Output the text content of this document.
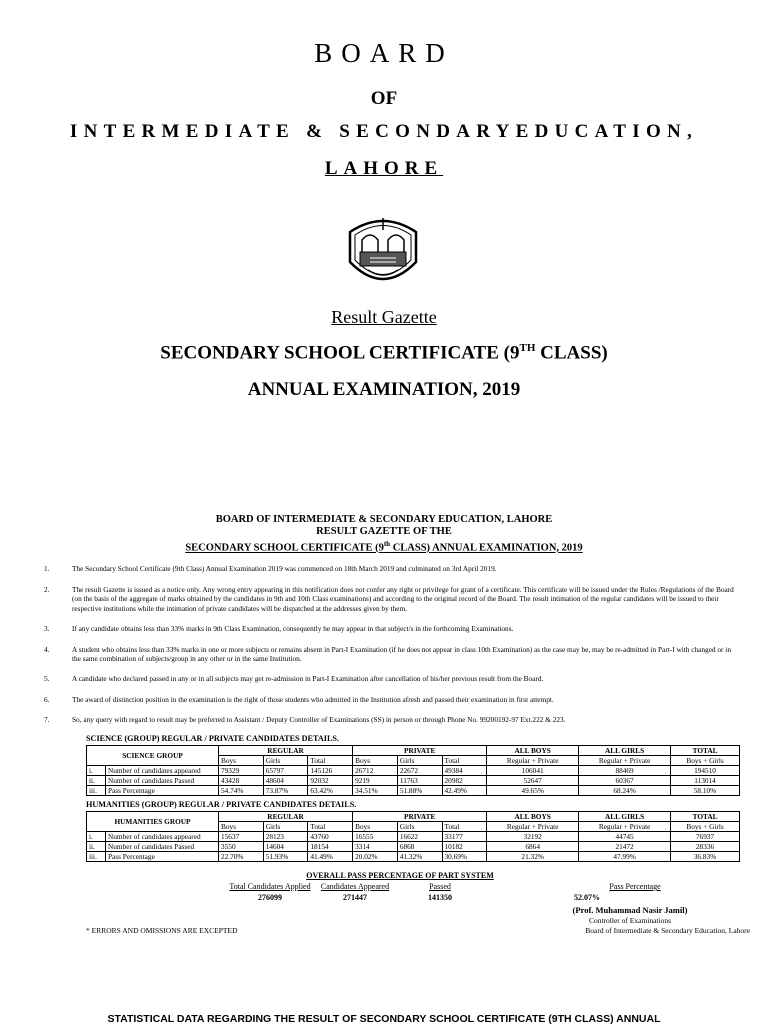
BOARD
OF
INTERMEDIATE & SECONDARYEDUCATION,
LAHORE
Result Gazette
SECONDARY SCHOOL CERTIFICATE (9TH CLASS)
ANNUAL EXAMINATION, 2019
BOARD OF INTERMEDIATE & SECONDARY EDUCATION, LAHORE
RESULT GAZETTE OF THE
SECONDARY SCHOOL CERTIFICATE (9th CLASS) ANNUAL EXAMINATION, 2019
1.	The Secondary School Certificate (9th Class) Annual Examination 2019 was commenced on 18th March 2019 and culminated on 3rd April 2019.
2.	The result Gazette is issued as a notice only. Any wrong entry appearing in this notification does not confer any right or privilege for grant of a certificate. This certificate will be issued under the Rules /Regulations of the Board (on the basis of the aggregate of marks obtained by the candidates in 9th and 10th Class examinations) and according to the original record of the Board. The result intimation of the regular candidates will be issued to their respective institutions while the intimation of private candidates will be dispatched at the addresses given by them.
3.	If any candidate obtains less than 33% marks in 9th Class Examination, consequently he may appear in that subject/s in the forthcoming Examinations.
4.	A student who obtains less than 33% marks in one or more subjects or remains absent in Part-I Examination (if he does not appear in class 10th Examination) as the case may be, may be re-admitted in Part-I with changed or in the same combination of subjects/group in any other or in the same Institution.
5.	A candidate who declared passed in any or in all subjects may get re-admission in Part-I Examination after cancellation of his/her previous result from the Board.
6.	The award of distinction position in the examination is the right of those students who admitted in the Institution afresh and passed their examination in first attempt.
7.	So, any query with regard to result may be preferred to Assistant / Deputy Controller of Examinations (SS) in person or through Phone No. 99200192-97 Ext.222 & 223.
SCIENCE (GROUP) REGULAR / PRIVATE CANDIDATES DETAILS.
SCIENCE GROUP		REGULAR			PRIVATE			ALL BOYS	ALL GIRLS	TOTAL
		Boys	Girls	Total	Boys	Girls	Total	Regular + Private	Regular + Private	Boys + Girls
i.	Number of candidates appeared	79329	65797	145126	26712	22672	49384	106041	88469	194510
ii.	Number of candidates Passed	43428	48604	92032	9219	11763	20982	52647	60367	113014
iii.	Pass Percentage	54.74%	73.87%	63.42%	34.51%	51.88%	42.49%	49.65%	68.24%	58.10%
HUMANITIES (GROUP) REGULAR / PRIVATE CANDIDATES DETAILS.
HUMANITIES GROUP		REGULAR			PRIVATE			ALL BOYS	ALL GIRLS	TOTAL
		Boys	Girls	Total	Boys	Girls	Total	Regular + Private	Regular + Private	Boys + Girls
i.	Number of candidates appeared	15637	28123	43760	16555	16622	33177	32192	44745	76937
ii.	Number of candidates Passed	3550	14604	18154	3314	6868	10182	6864	21472	28336
iii.	Pass Percentage	22.70%	51.93%	41.49%	20.02%	41.32%	30.69%	21.32%	47.99%	36.83%
OVERALL PASS PERCENTAGE OF PART SYSTEM
Total Candidates Applied
276099
Candidates Appeared
271447
Passed
141350
Pass Percentage
52.07%
(Prof. Muhammad Nasir Jamil)
Controller of Examinations
Board of Intermediate & Secondary Education, Lahore
* ERRORS AND OMISSIONS ARE EXCEPTED
STATISTICAL DATA REGARDING THE RESULT OF SECONDARY SCHOOL CERTIFICATE (9TH CLASS) ANNUAL
